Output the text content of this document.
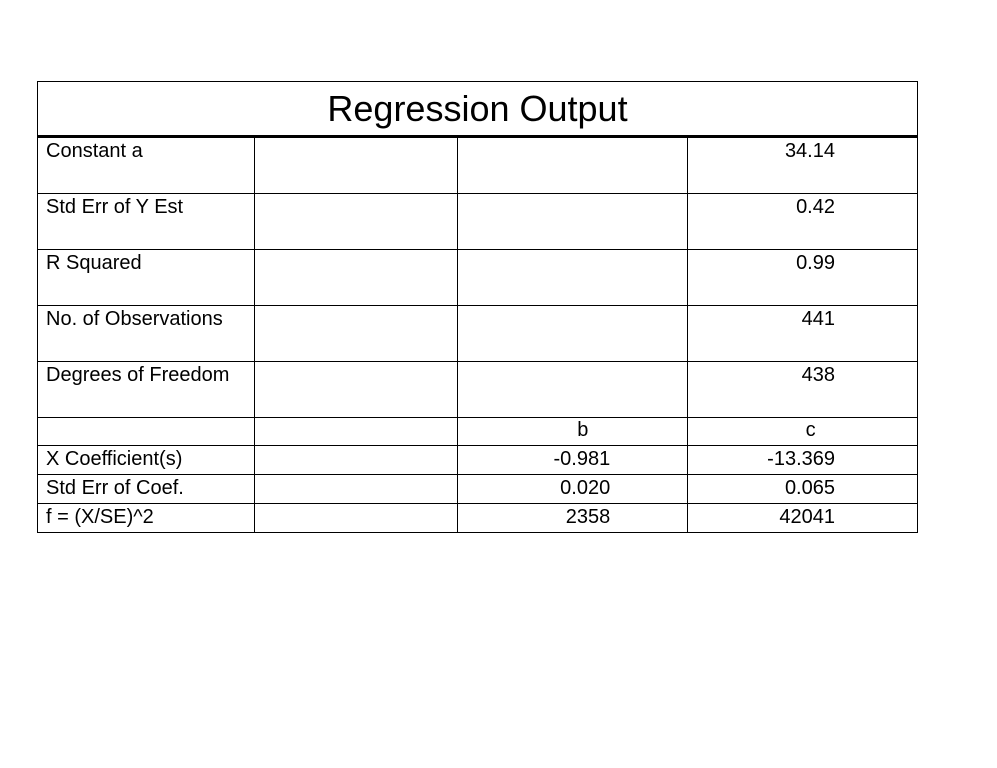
Regression Output
Constant a			34.14
Std Err of Y Est			0.42
R Squared			0.99
No. of Observations			441
Degrees of Freedom			438
		b	c
X Coefficient(s)		-0.981	-13.369
Std Err of Coef.		0.020	0.065
f = (X/SE)^2		2358	42041
